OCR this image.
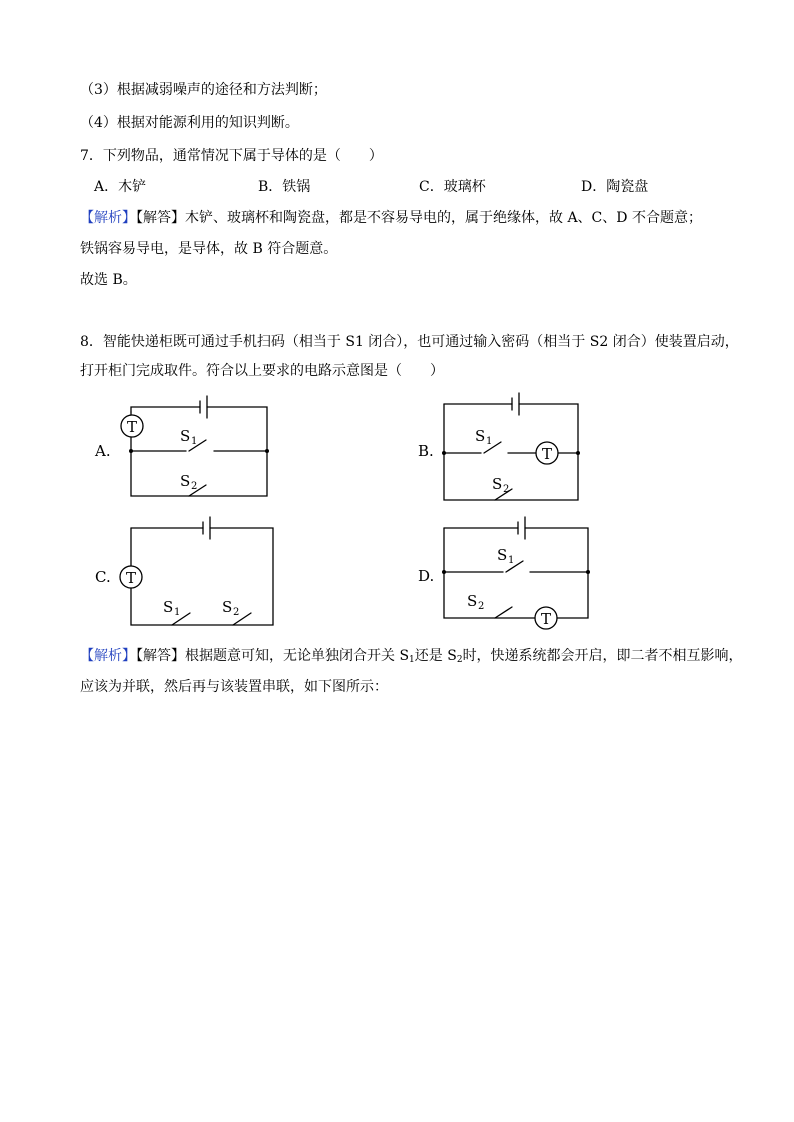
（3）根据减弱噪声的途径和方法判断；
（4）根据对能源利用的知识判断。
7．下列物品，通常情况下属于导体的是（　　）
A．木铲	B．铁锅	C．玻璃杯	D．陶瓷盘
【解析】【解答】木铲、玻璃杯和陶瓷盘，都是不容易导电的，属于绝缘体，故 A、C、D 不合题意；
铁锅容易导电，是导体，故 B 符合题意。
故选 B。
8．智能快递柜既可通过手机扫码（相当于 S1 闭合），也可通过输入密码（相当于 S2 闭合）使装置启动，
打开柜门完成取件。符合以上要求的电路示意图是（　　）
【解析】【解答】根据题意可知，无论单独闭合开关 $S_1$还是 $S_2$时，快递系统都会开启，即二者不相互影响，
应该为并联，然后再与该装置串联，如下图所示：
A.
T	S 1
S 2
B.
S 1
T
S 2
C. T
S 1	S 2
D.
S 1
S 2
T
